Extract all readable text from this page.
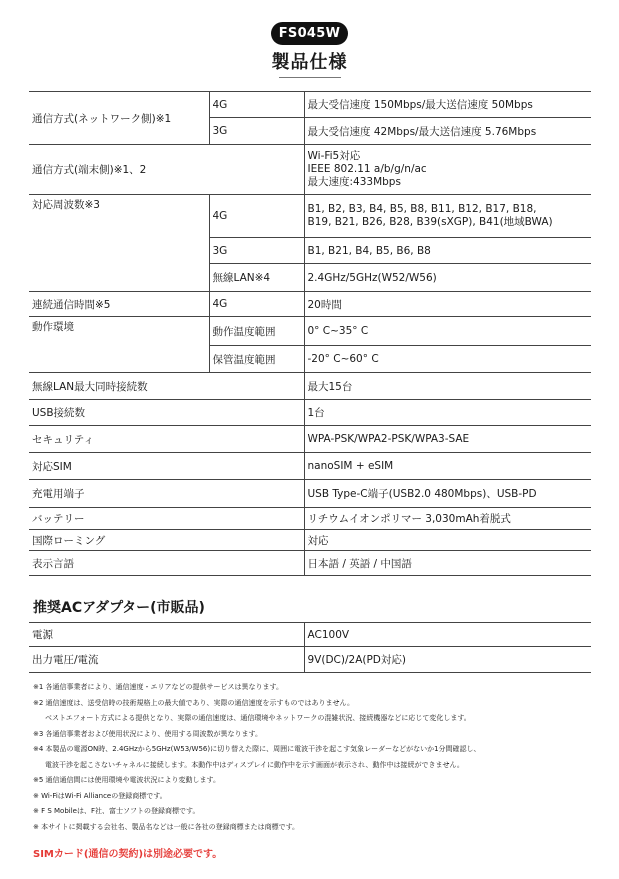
FS045W
製品仕様
通信方式(ネットワーク側)※1	4G	最大受信速度 150Mbps/最大送信速度 50Mbps
	3G	最大受信速度 42Mbps/最大送信速度 5.76Mbps
通信方式(端末側)※1、2		Wi-Fi5対応
IEEE 802.11 a/b/g/n/ac
最大速度:433Mbps

対応周波数※3	4G	B1, B2, B3, B4, B5, B8, B11, B12, B17, B18,
B19, B21, B26, B28, B39(sXGP), B41(地域BWA)

	3G	B1, B21, B4, B5, B6, B8
	無線LAN※4	2.4GHz/5GHz(W52/W56)
連続通信時間※5	4G	20時間
動作環境	動作温度範囲	0° C~35° C
	保管温度範囲	-20° C~60° C
無線LAN最大同時接続数		最大15台
USB接続数		1台
セキュリティ		WPA-PSK/WPA2-PSK/WPA3-SAE
対応SIM		nanoSIM + eSIM
充電用端子		USB Type-C端子(USB2.0 480Mbps)、USB-PD
バッテリー		リチウムイオンポリマー 3,030mAh着脱式
国際ローミング		対応
表示言語		日本語 / 英語 / 中国語
推奨ACアダプター(市販品)
電源	AC100V
出力電圧/電流	9V(DC)/2A(PD対応)
※1 各通信事業者により、通信速度・エリアなどの提供サービスは異なります。
※2 通信速度は、送受信時の技術規格上の最大値であり、実際の通信速度を示すものではありません。
ベストエフォート方式による提供となり、実際の通信速度は、通信環境やネットワークの混雑状況、接続機器などに応じて変化します。
※3 各通信事業者および使用状況により、使用する周波数が異なります。
※4 本製品の電源ON時、2.4GHzから5GHz(W53/W56)に切り替えた際に、周囲に電波干渉を起こす気象レーダーなどがないか1分間確認し、
電波干渉を起こさないチャネルに接続します。本動作中はディスプレイに動作中を示す画面が表示され、動作中は接続ができません。
※5 通信通信間には使用環境や電波状況により変動します。
※ Wi-FiはWi-Fi Allianceの登録商標です。
※ F S Mobileは、F社、富士ソフトの登録商標です。
※ 本サイトに掲載する会社名、製品名などは一般に各社の登録商標または商標です。
SIMカード(通信の契約)は別途必要です。
